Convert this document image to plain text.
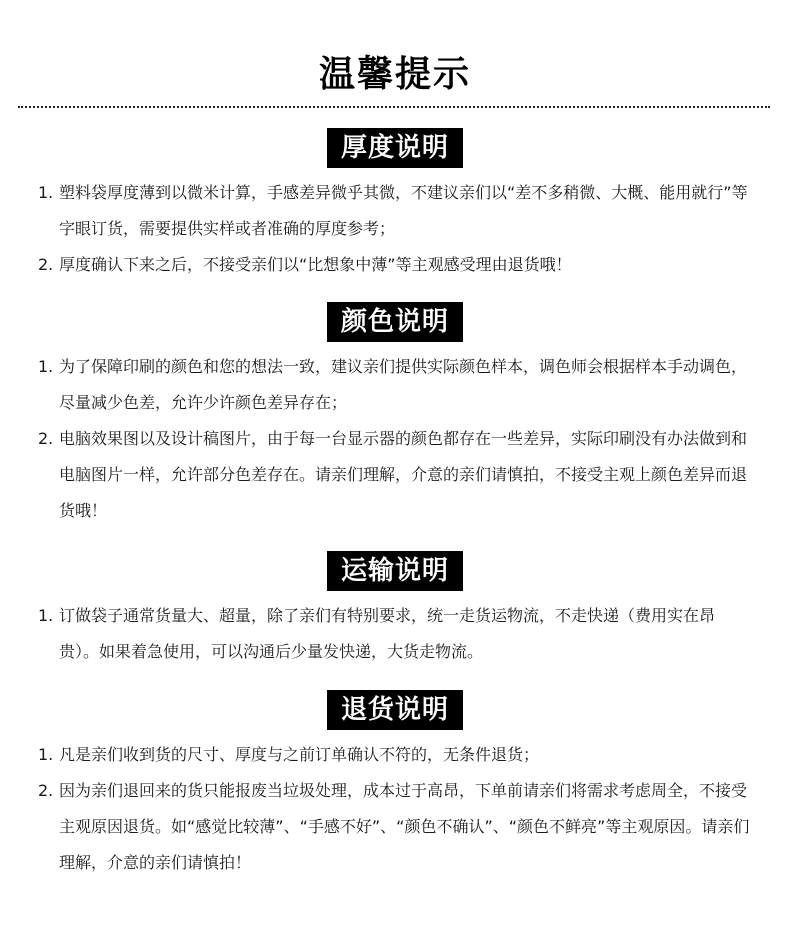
温馨提示
厚度说明
1. 塑料袋厚度薄到以微米计算，手感差异微乎其微，不建议亲们以“差不多稍微、大概、能用就行”等字眼订货，需要提供实样或者准确的厚度参考；
2. 厚度确认下来之后，不接受亲们以“比想象中薄”等主观感受理由退货哦！
颜色说明
1. 为了保障印刷的颜色和您的想法一致，建议亲们提供实际颜色样本，调色师会根据样本手动调色，尽量减少色差，允许少许颜色差异存在；
2. 电脑效果图以及设计稿图片，由于每一台显示器的颜色都存在一些差异，实际印刷没有办法做到和电脑图片一样，允许部分色差存在。请亲们理解，介意的亲们请慎拍，不接受主观上颜色差异而退货哦！
运输说明
1. 订做袋子通常货量大、超量，除了亲们有特别要求，统一走货运物流，不走快递（费用实在昂贵）。如果着急使用，可以沟通后少量发快递，大货走物流。
退货说明
1. 凡是亲们收到货的尺寸、厚度与之前订单确认不符的，无条件退货；
2. 因为亲们退回来的货只能报废当垃圾处理，成本过于高昂，下单前请亲们将需求考虑周全，不接受主观原因退货。如“感觉比较薄”、“手感不好”、“颜色不确认”、“颜色不鲜亮”等主观原因。请亲们理解，介意的亲们请慎拍！
